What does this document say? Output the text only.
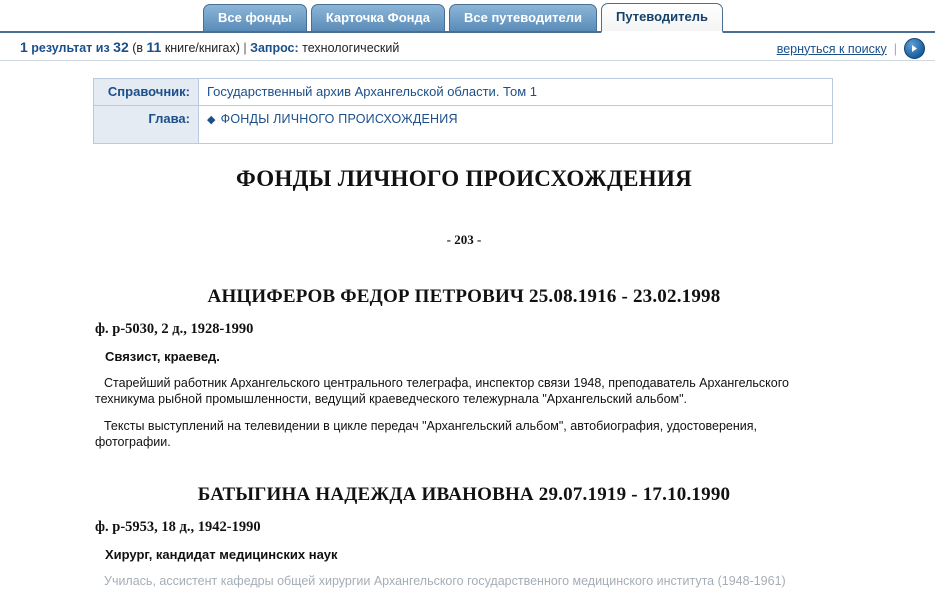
Все фонды	Карточка Фонда	Все путеводители	Путеводитель
1 результат из 32 (в 11 книге/книгах) | Запрос: технологический	вернуться к поиску |
Справочник:	Государственный архив Архангельской области. Том 1
Глава:	◆ ФОНДЫ ЛИЧНОГО ПРОИСХОЖДЕНИЯ
ФОНДЫ ЛИЧНОГО ПРОИСХОЖДЕНИЯ
- 203 -
АНЦИФЕРОВ ФЕДОР ПЕТРОВИЧ 25.08.1916 - 23.02.1998
ф. р-5030, 2 д., 1928-1990
Связист, краевед.
Старейший работник Архангельского центрального телеграфа, инспектор связи 1948, преподаватель Архангельского техникума рыбной промышленности, ведущий краеведческого тележурнала "Архангельский альбом".
Тексты выступлений на телевидении в цикле передач "Архангельский альбом", автобиография, удостоверения, фотографии.
БАТЫГИНА НАДЕЖДА ИВАНОВНА 29.07.1919 - 17.10.1990
ф. р-5953, 18 д., 1942-1990
Хирург, кандидат медицинских наук
Училась, ассистент кафедры общей хирургии Архангельского государственного медицинского института (1948-1961)
